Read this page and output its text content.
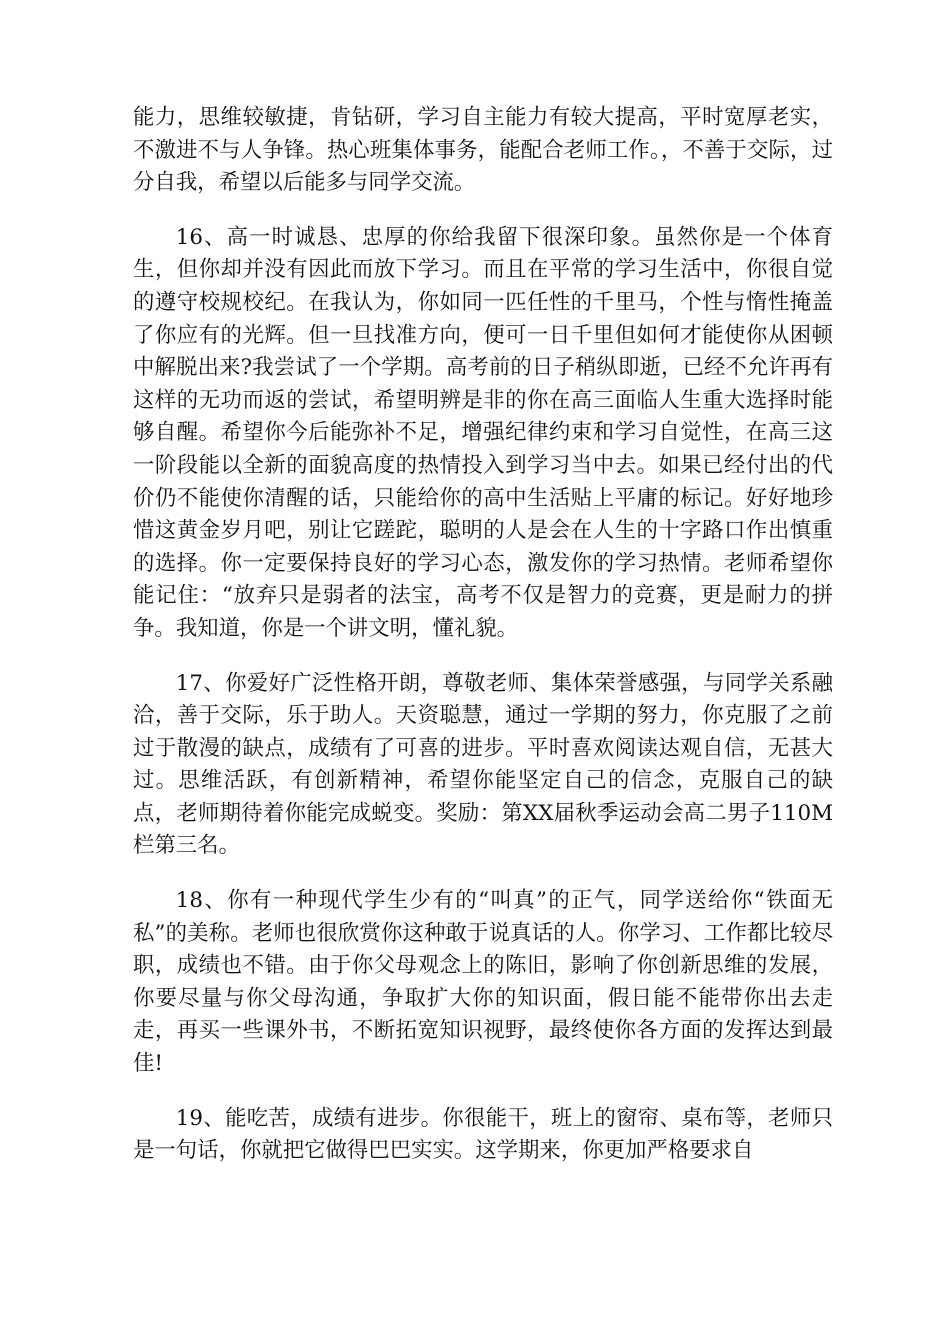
能力，思维较敏捷，肯钻研，学习自主能力有较大提高，平时宽厚老实，不激进不与人争锋。热心班集体事务，能配合老师工作。，不善于交际，过分自我，希望以后能多与同学交流。

16、高一时诚恳、忠厚的你给我留下很深印象。虽然你是一个体育生，但你却并没有因此而放下学习。而且在平常的学习生活中，你很自觉的遵守校规校纪。在我认为，你如同一匹任性的千里马，个性与惰性掩盖了你应有的光辉。但一旦找准方向，便可一日千里但如何才能使你从困顿中解脱出来?我尝试了一个学期。高考前的日子稍纵即逝，已经不允许再有这样的无功而返的尝试，希望明辨是非的你在高三面临人生重大选择时能够自醒。希望你今后能弥补不足，增强纪律约束和学习自觉性，在高三这一阶段能以全新的面貌高度的热情投入到学习当中去。如果已经付出的代价仍不能使你清醒的话，只能给你的高中生活贴上平庸的标记。好好地珍惜这黄金岁月吧，别让它蹉跎，聪明的人是会在人生的十字路口作出慎重的选择。你一定要保持良好的学习心态，激发你的学习热情。老师希望你能记住：“放弃只是弱者的法宝，高考不仅是智力的竞赛，更是耐力的拼争。我知道，你是一个讲文明，懂礼貌。

17、你爱好广泛性格开朗，尊敬老师、集体荣誉感强，与同学关系融洽，善于交际，乐于助人。天资聪慧，通过一学期的努力，你克服了之前过于散漫的缺点，成绩有了可喜的进步。平时喜欢阅读达观自信，无甚大过。思维活跃，有创新精神，希望你能坚定自己的信念，克服自己的缺点，老师期待着你能完成蜕变。奖励：第XX届秋季运动会高二男子110M栏第三名。

18、你有一种现代学生少有的“叫真”的正气，同学送给你“铁面无私”的美称。老师也很欣赏你这种敢于说真话的人。你学习、工作都比较尽职，成绩也不错。由于你父母观念上的陈旧，影响了你创新思维的发展，你要尽量与你父母沟通，争取扩大你的知识面，假日能不能带你出去走走，再买一些课外书，不断拓宽知识视野，最终使你各方面的发挥达到最佳!

19、能吃苦，成绩有进步。你很能干，班上的窗帘、桌布等，老师只是一句话，你就把它做得巴巴实实。这学期来，你更加严格要求自
